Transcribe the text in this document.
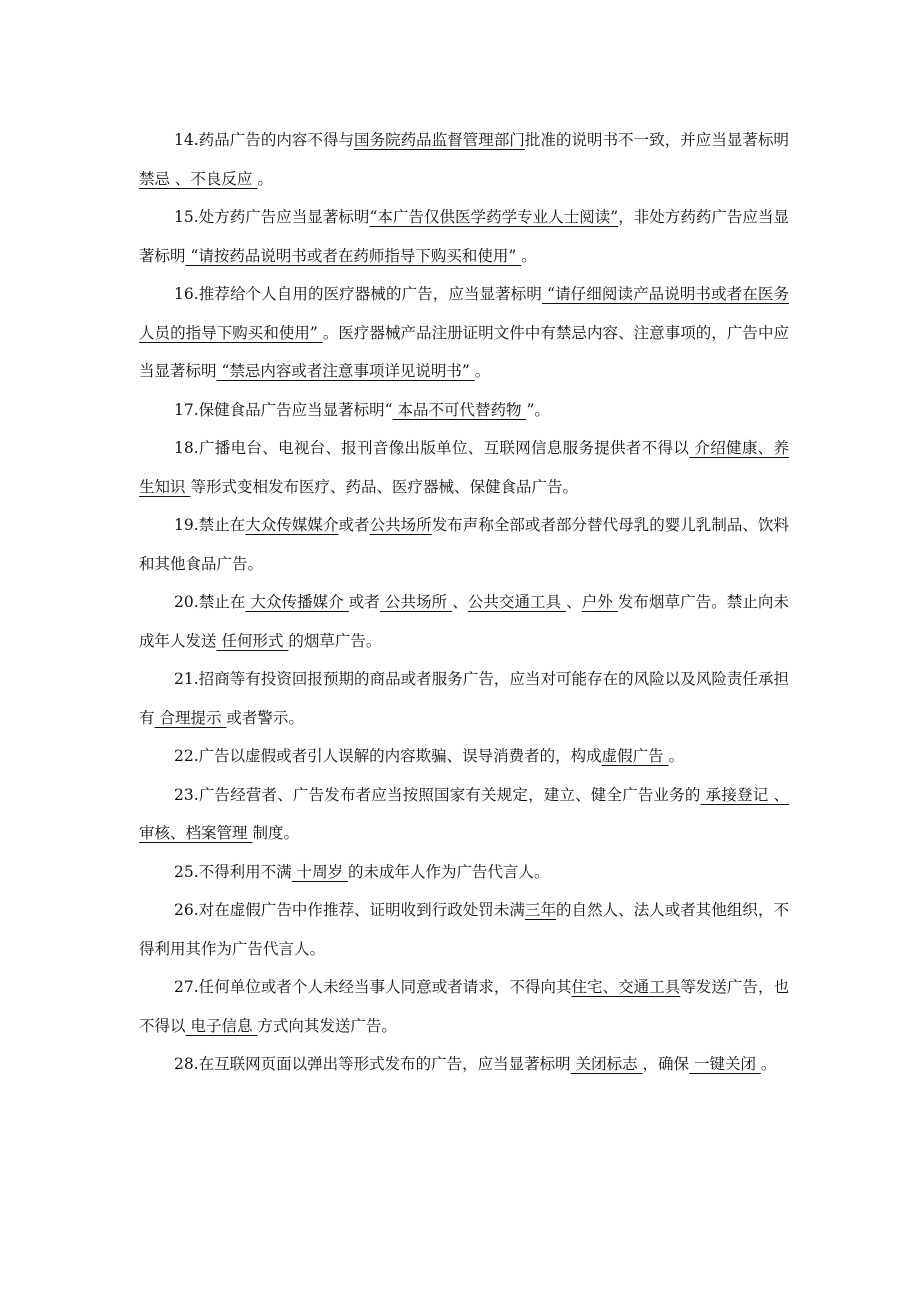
14.药品广告的内容不得与国务院药品监督管理部门批准的说明书不一致，并应当显著标明 禁忌 、不良反应 。

15.处方药广告应当显著标明“本广告仅供医学药学专业人士阅读”，非处方药药广告应当显著标明 “请按药品说明书或者在药师指导下购买和使用” 。

16.推荐给个人自用的医疗器械的广告，应当显著标明 “请仔细阅读产品说明书或者在医务人员的指导下购买和使用” 。医疗器械产品注册证明文件中有禁忌内容、注意事项的，广告中应当显著标明 “禁忌内容或者注意事项详见说明书” 。

17.保健食品广告应当显著标明“ 本品不可代替药物 ”。

18.广播电台、电视台、报刊音像出版单位、互联网信息服务提供者不得以 介绍健康、养生知识 等形式变相发布医疗、药品、医疗器械、保健食品广告。

19.禁止在大众传媒媒介或者公共场所发布声称全部或者部分替代母乳的婴儿乳制品、饮料和其他食品广告。

20.禁止在 大众传播媒介 或者 公共场所 、公共交通工具 、户外 发布烟草广告。禁止向未成年人发送 任何形式 的烟草广告。

21.招商等有投资回报预期的商品或者服务广告，应当对可能存在的风险以及风险责任承担有 合理提示 或者警示。

22.广告以虚假或者引人误解的内容欺骗、误导消费者的，构成虚假广告 。

23.广告经营者、广告发布者应当按照国家有关规定，建立、健全广告业务的 承接登记 、审核、档案管理 制度。

25.不得利用不满 十周岁 的未成年人作为广告代言人。

26.对在虚假广告中作推荐、证明收到行政处罚未满三年的自然人、法人或者其他组织，不得利用其作为广告代言人。

27.任何单位或者个人未经当事人同意或者请求，不得向其住宅、交通工具等发送广告，也不得以 电子信息 方式向其发送广告。

28.在互联网页面以弹出等形式发布的广告，应当显著标明 关闭标志 ，确保 一键关闭 。
